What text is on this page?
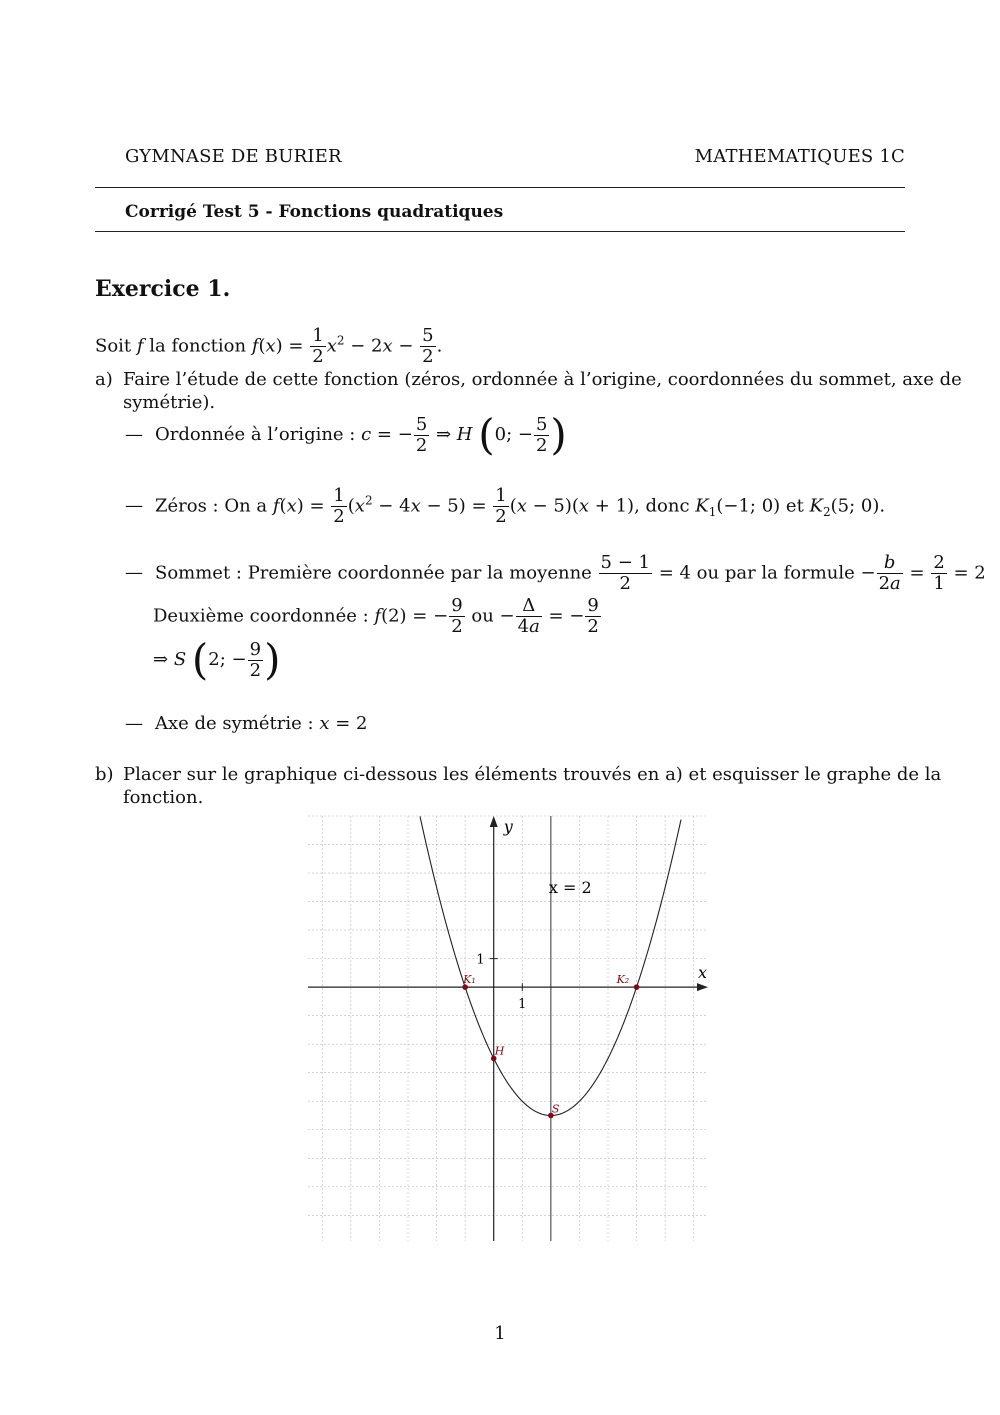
GYMNASE DE BURIER	MATHEMATIQUES 1C
Corrigé Test 5 - Fonctions quadratiques
Exercice 1.
Soit f la fonction $f(x) = \frac{1}{2} x^2 - 2x - \frac{5}{2}$ .
a) Faire l’étude de cette fonction (zéros, ordonnée à l’origine, coordonnées du sommet, axe de
symétrie).
— Ordonnée à l’origine : c = − $\frac{5}{2}$ ⇒ H (0; − $\frac{5}{2}$ )
— Zéros : On a $f(x) = \frac{1}{2} (x^2 - 4x - 5) = \frac{1}{2} (x - 5)(x + 1)$, donc $K_1(-1$; 0) et $K_2(5$; 0).
— Sommet : Première coordonnée par la moyenne $\frac{5 - 1}{2} = 4$ ou par la formule − $\frac{b}{2a} = \frac{2}{1} = 2$
Deuxième coordonnée : f(2) = − $\frac{9}{2}$ ou − $\frac{\Delta}{4a}$ = − $\frac{9}{2}$
⇒ S (2; − $\frac{9}{2}$ )
— Axe de symétrie : x = 2
b) Placer sur le graphique ci-dessous les éléments trouvés en a) et esquisser le graphe de la
fonction.
1
1
x
y
x = 2
K₁	K₂
H
S
1
